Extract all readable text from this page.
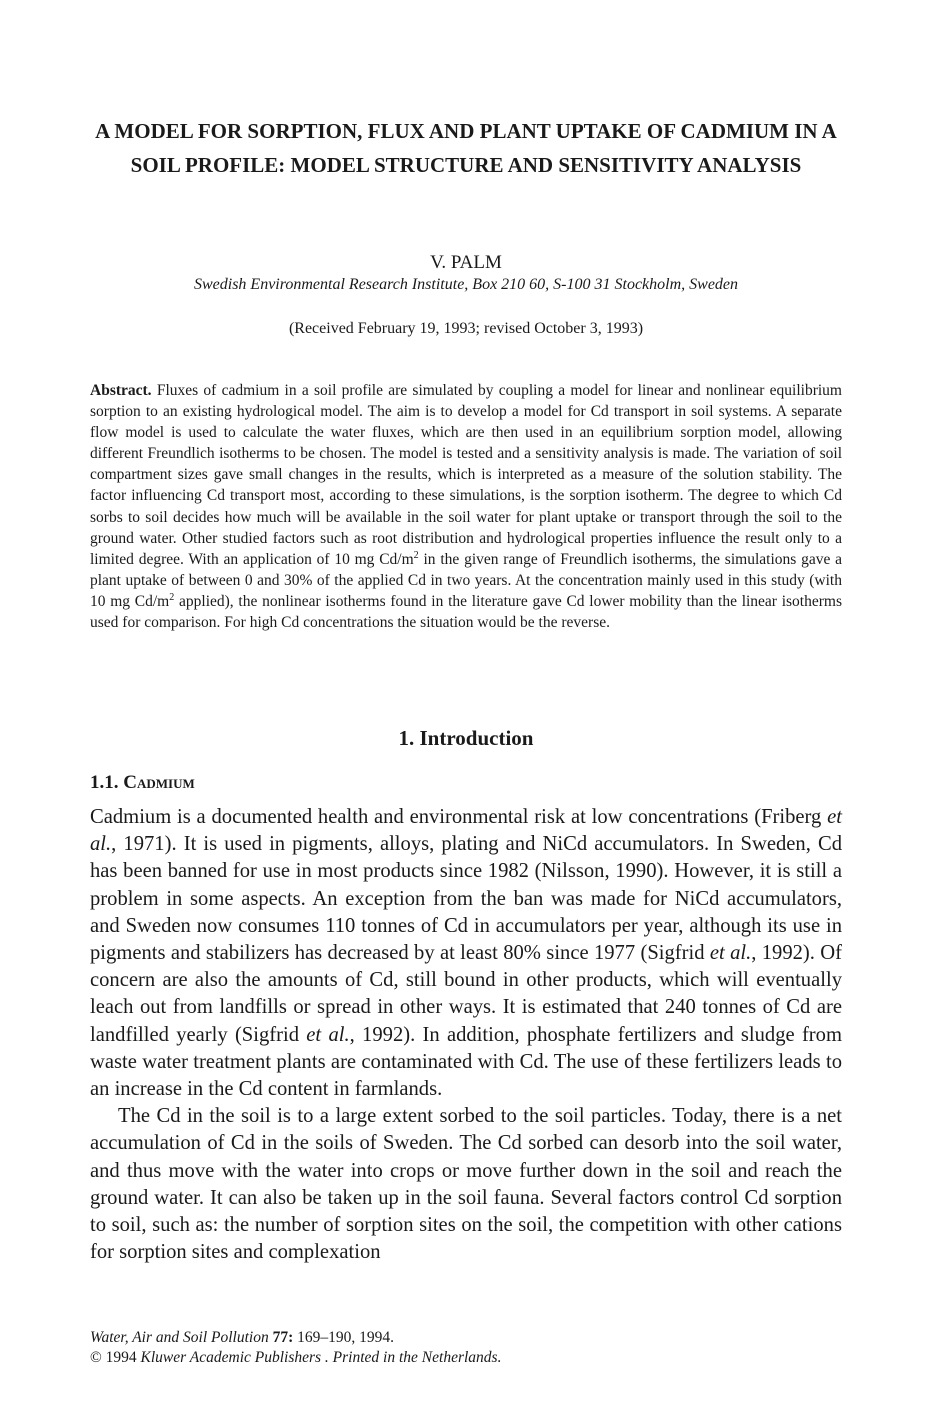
A MODEL FOR SORPTION, FLUX AND PLANT UPTAKE OF CADMIUM IN A SOIL PROFILE: MODEL STRUCTURE AND SENSITIVITY ANALYSIS
V. PALM
Swedish Environmental Research Institute, Box 210 60, S-100 31 Stockholm, Sweden
(Received February 19, 1993; revised October 3, 1993)

Abstract. Fluxes of cadmium in a soil profile are simulated by coupling a model for linear and nonlinear equilibrium sorption to an existing hydrological model. The aim is to develop a model for Cd transport in soil systems. A separate flow model is used to calculate the water fluxes, which are then used in an equilibrium sorption model, allowing different Freundlich isotherms to be chosen. The model is tested and a sensitivity analysis is made. The variation of soil compartment sizes gave small changes in the results, which is interpreted as a measure of the solution stability. The factor influencing Cd transport most, according to these simulations, is the sorption isotherm. The degree to which Cd sorbs to soil decides how much will be available in the soil water for plant uptake or transport through the soil to the ground water. Other studied factors such as root distribution and hydrological properties influence the result only to a limited degree. With an application of 10 mg $Cd/m^2$ in the given range of Freundlich isotherms, the simulations gave a plant uptake of between 0 and 30% of the applied Cd in two years. At the concentration mainly used in this study (with 10 mg $Cd/m^2$ applied), the nonlinear isotherms found in the literature gave Cd lower mobility than the linear isotherms used for comparison. For high Cd concentrations the situation would be the reverse.

1. Introduction
1.1. Cadmium

Cadmium is a documented health and environmental risk at low concentrations (Friberg et al., 1971). It is used in pigments, alloys, plating and NiCd accumulators. In Sweden, Cd has been banned for use in most products since 1982 (Nilsson, 1990). However, it is still a problem in some aspects. An exception from the ban was made for NiCd accumulators, and Sweden now consumes 110 tonnes of Cd in accumulators per year, although its use in pigments and stabilizers has decreased by at least 80% since 1977 (Sigfrid et al., 1992). Of concern are also the amounts of Cd, still bound in other products, which will eventually leach out from landfills or spread in other ways. It is estimated that 240 tonnes of Cd are landfilled yearly (Sigfrid et al., 1992). In addition, phosphate fertilizers and sludge from waste water treatment plants are contaminated with Cd. The use of these fertilizers leads to an increase in the Cd content in farmlands.

The Cd in the soil is to a large extent sorbed to the soil particles. Today, there is a net accumulation of Cd in the soils of Sweden. The Cd sorbed can desorb into the soil water, and thus move with the water into crops or move further down in the soil and reach the ground water. It can also be taken up in the soil fauna. Several factors control Cd sorption to soil, such as: the number of sorption sites on the soil, the competition with other cations for sorption sites and complexation

Water, Air and Soil Pollution 77: 169–190, 1994.
© 1994 Kluwer Academic Publishers . Printed in the Netherlands.
